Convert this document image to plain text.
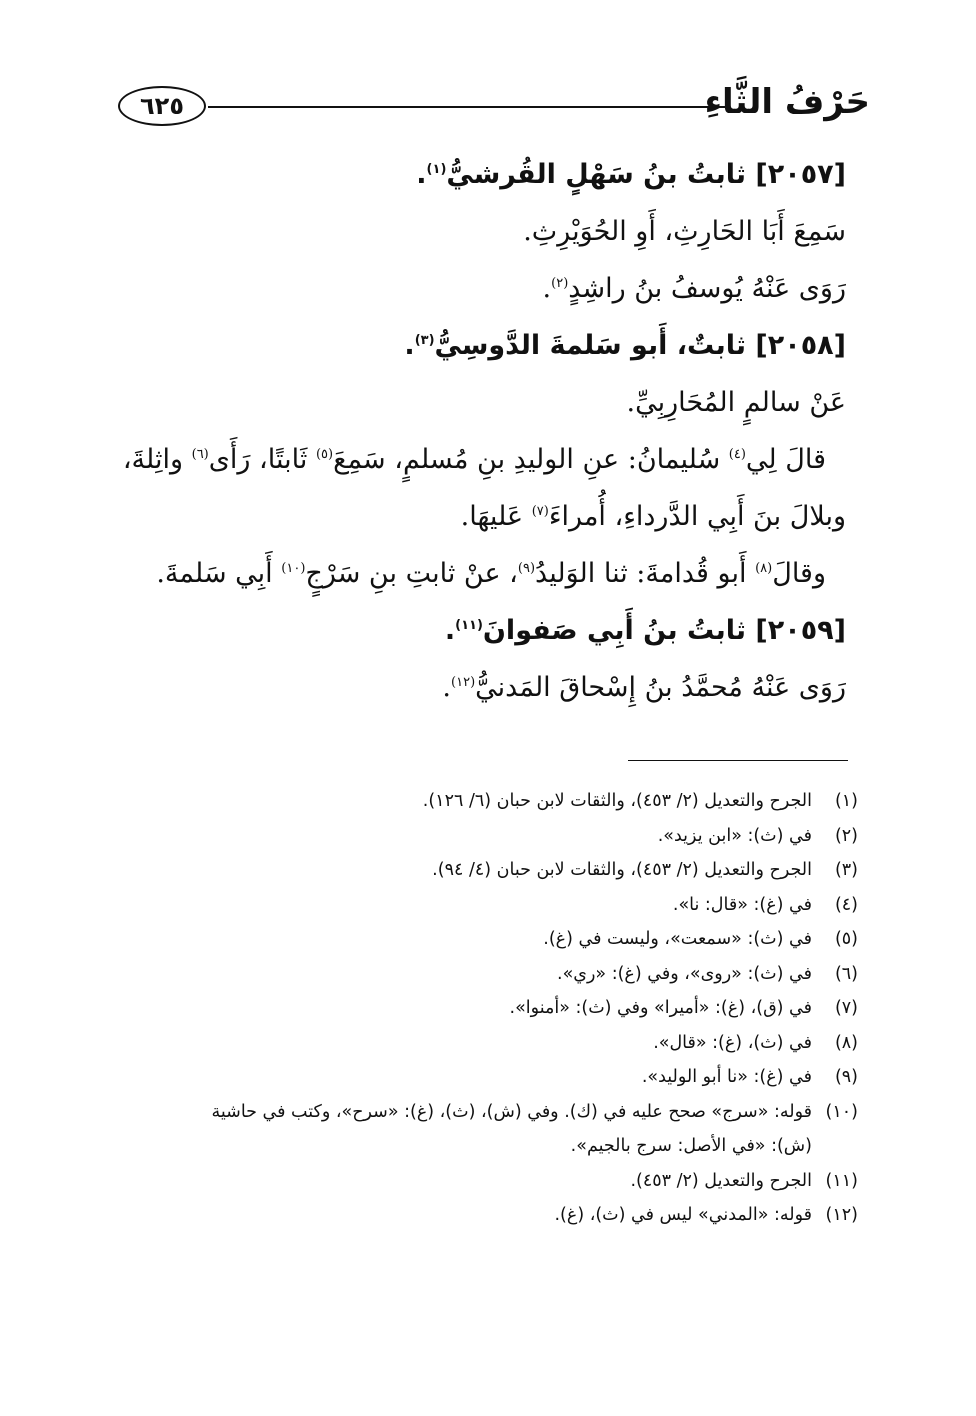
حَرْفُ الثَّاءِ
٦٢٥
[٢٠٥٧] ثابتُ بنُ سَهْلٍ القُرشيُّ$^{(١)}$.
سَمِعَ أَبَا الحَارِثِ، أَوِ الحُوَيْرِثِ.
رَوَى عَنْهُ يُوسفُ بنُ راشِدٍ$^{(٢)}$.
[٢٠٥٨] ثابتٌ، أَبو سَلمةَ الدَّوسِيُّ$^{(٣)}$.
عَنْ سالمٍ المُحَارِبِيِّ.
قالَ لِي$^{(٤)}$ سُليمانُ: عنِ الوليدِ بنِ مُسلمٍ، سَمِعَ$^{(٥)}$ ثَابتًا، رَأَى$^{(٦)}$ واثِلةَ،
وبلالَ بنَ أَبِي الدَّرداءِ، أُمراءَ$^{(٧)}$ عَليهَا.
وقالَ$^{(٨)}$ أَبو قُدامةَ: ثنا الوَليدُ$^{(٩)}$، عنْ ثابتِ بنِ سَرْجٍ$^{(١٠)}$ أَبِي سَلمةَ.
[٢٠٥٩] ثابتُ بنُ أَبِي صَفوانَ$^{(١١)}$.
رَوَى عَنْهُ مُحمَّدُ بنُ إِسْحاقَ المَدنيُّ$^{(١٢)}$.
(١)الجرح والتعديل (٢/ ٤٥٣)، والثقات لابن حبان (٦/ ١٢٦).
(٢)في (ث): «ابن يزيد».
(٣)الجرح والتعديل (٢/ ٤٥٣)، والثقات لابن حبان (٤/ ٩٤).
(٤)في (غ): «قال: نا».
(٥)في (ث): «سمعت»، وليست في (غ).
(٦)في (ث): «روى»، وفي (غ): «ري».
(٧)في (ق)، (غ): «أميرا» وفي (ث): «أمنوا».
(٨)في (ث)، (غ): «قال».
(٩)في (غ): «نا أبو الوليد».
(١٠)قوله: «سرج» صحح عليه في (ك). وفي (ش)، (ث)، (غ): «سرح»، وكتب في حاشية
(ش): «في الأصل: سرج بالجيم».
(١١)الجرح والتعديل (٢/ ٤٥٣).
(١٢)قوله: «المدني» ليس في (ث)، (غ).
